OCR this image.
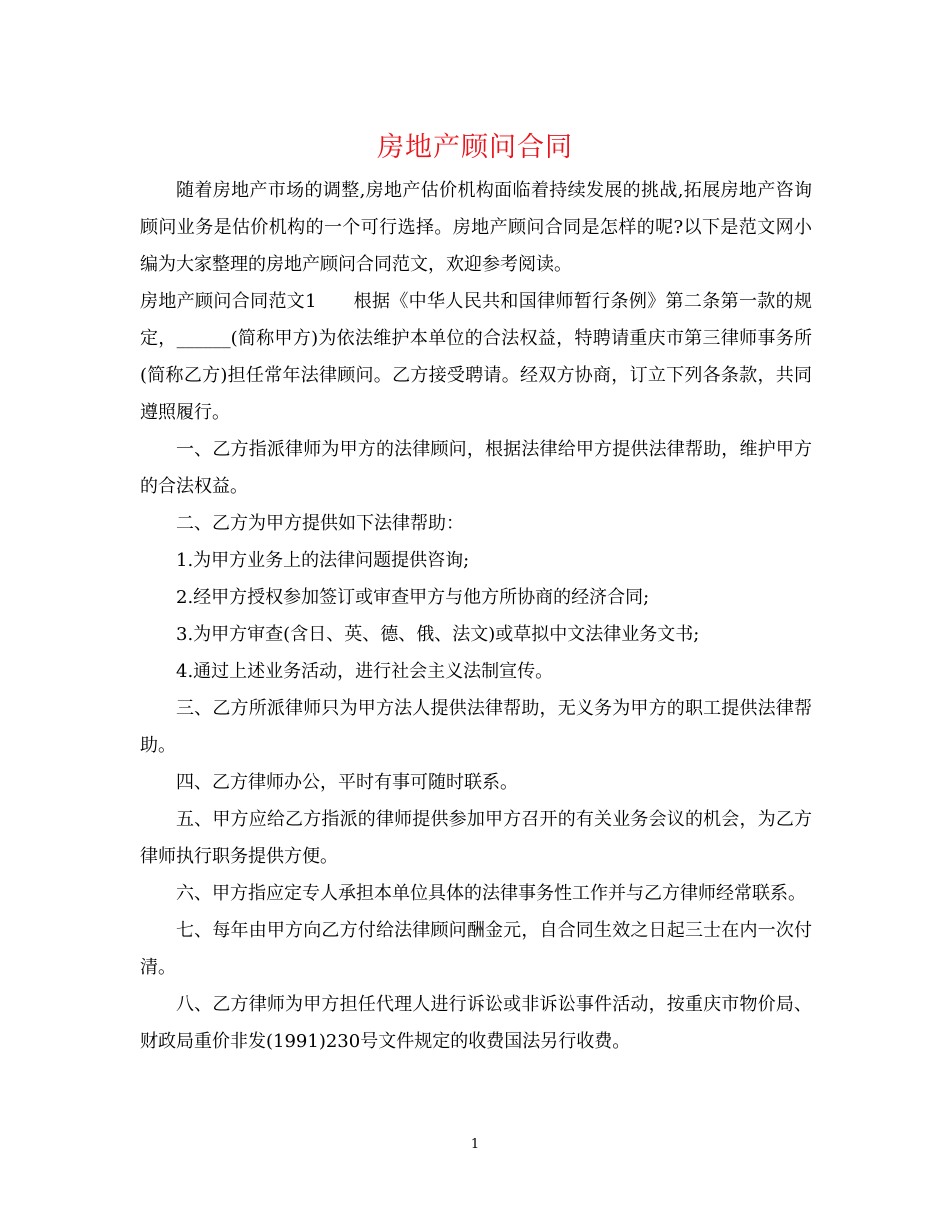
房地产顾问合同

随着房地产市场的调整,房地产估价机构面临着持续发展的挑战,拓展房地产咨询顾问业务是估价机构的一个可行选择。房地产顾问合同是怎样的呢?以下是范文网小编为大家整理的房地产顾问合同范文，欢迎参考阅读。

房地产顾问合同范文1　　根据《中华人民共和国律师暂行条例》第二条第一款的规定，______(简称甲方)为依法维护本单位的合法权益，特聘请重庆市第三律师事务所(简称乙方)担任常年法律顾问。乙方接受聘请。经双方协商，订立下列各条款，共同遵照履行。

一、乙方指派律师为甲方的法律顾问，根据法律给甲方提供法律帮助，维护甲方的合法权益。

二、乙方为甲方提供如下法律帮助：

1.为甲方业务上的法律问题提供咨询;

2.经甲方授权参加签订或审查甲方与他方所协商的经济合同;

3.为甲方审查(含日、英、德、俄、法文)或草拟中文法律业务文书;

4.通过上述业务活动，进行社会主义法制宣传。

三、乙方所派律师只为甲方法人提供法律帮助，无义务为甲方的职工提供法律帮助。

四、乙方律师办公，平时有事可随时联系。

五、甲方应给乙方指派的律师提供参加甲方召开的有关业务会议的机会，为乙方律师执行职务提供方便。

六、甲方指应定专人承担本单位具体的法律事务性工作并与乙方律师经常联系。

七、每年由甲方向乙方付给法律顾问酬金元，自合同生效之日起三士在内一次付清。

八、乙方律师为甲方担任代理人进行诉讼或非诉讼事件活动，按重庆市物价局、财政局重价非发(1991)230号文件规定的收费国法另行收费。

1
